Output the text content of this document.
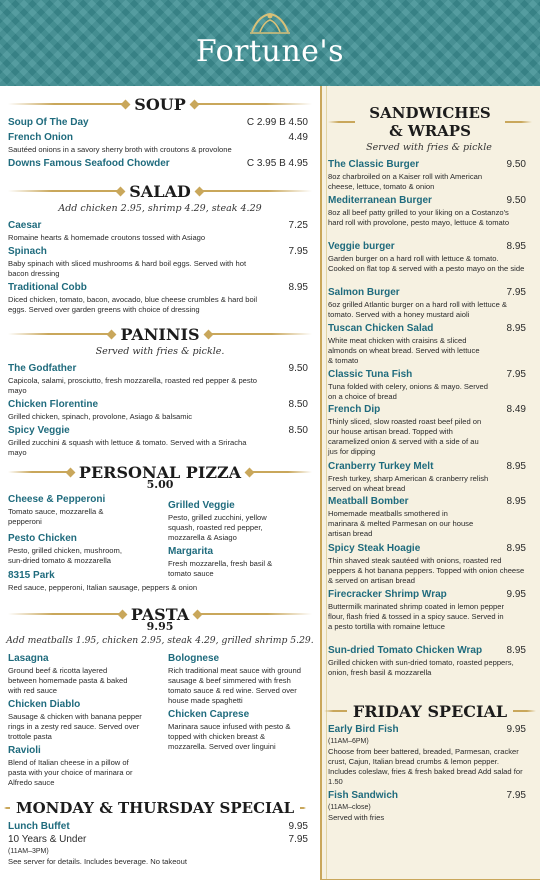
Fortune's
SOUP
Soup Of The Day	C 2.99 B 4.50
French Onion	4.49
Sautéed onions in a savory sherry broth with croutons & provolone
Downs Famous Seafood Chowder	C 3.95 B 4.95
SALAD
Add chicken 2.95, shrimp 4.29, steak 4.29
Caesar	7.25
Romaine hearts & homemade croutons tossed with Asiago
Spinach	7.95
Baby spinach with sliced mushrooms & hard boil eggs. Served with hot bacon dressing
Traditional Cobb	8.95
Diced chicken, tomato, bacon, avocado, blue cheese crumbles & hard boil eggs. Served over garden greens with choice of dressing
PANINIS
Served with fries & pickle.
The Godfather	9.50
Capicola, salami, prosciutto, fresh mozzarella, roasted red pepper & pesto mayo
Chicken Florentine	8.50
Grilled chicken, spinach, provolone, Asiago & balsamic
Spicy Veggie	8.50
Grilled zucchini & squash with lettuce & tomato. Served with a Sriracha mayo
PERSONAL PIZZA
5.00
Cheese & Pepperoni
Tomato sauce, mozzarella & pepperoni
Grilled Veggie
Pesto, grilled zucchini, yellow squash, roasted red pepper, mozzarella & Asiago
Pesto Chicken
Pesto, grilled chicken, mushroom, sun-dried tomato & mozzarella
Margarita
Fresh mozzarella, fresh basil & tomato sauce
8315 Park
Red sauce, pepperoni, Italian sausage, peppers & onion
PASTA
9.95
Add meatballs 1.95, chicken 2.95, steak 4.29, grilled shrimp 5.29.
Lasagna
Ground beef & ricotta layered between homemade pasta & baked with red sauce
Bolognese
Rich traditional meat sauce with ground sausage & beef simmered with fresh tomato sauce & red wine. Served over house made spaghetti
Chicken Diablo
Sausage & chicken with banana pepper rings in a zesty red sauce. Served over trottole pasta
Chicken Caprese
Marinara sauce infused with pesto & topped with chicken breast & mozzarella. Served over linguini
Ravioli
Blend of Italian cheese in a pillow of pasta with your choice of marinara or Alfredo sauce
MONDAY & THURSDAY SPECIAL
Lunch Buffet	9.95
10 Years & Under	7.95
(11AM–3PM)
See server for details. Includes beverage. No takeout
SANDWICHES & WRAPS
Served with fries & pickle
The Classic Burger	9.50
8oz charbroiled on a Kaiser roll with American cheese, lettuce, tomato & onion
Mediterranean Burger	9.50
8oz all beef patty grilled to your liking on a Costanzo's hard roll with provolone, pesto mayo, lettuce & tomato
Veggie burger	8.95
Garden burger on a hard roll with lettuce & tomato. Cooked on flat top & served with a pesto mayo on the side
Salmon Burger	7.95
6oz grilled Atlantic burger on a hard roll with lettuce & tomato. Served with a honey mustard aioli
Tuscan Chicken Salad	8.95
White meat chicken with craisins & sliced almonds on wheat bread. Served with lettuce & tomato
Classic Tuna Fish	7.95
Tuna folded with celery, onions & mayo. Served on a choice of bread
French Dip	8.49
Thinly sliced, slow roasted roast beef piled on our house artisan bread. Topped with caramelized onion & served with a side of au jus for dipping
Cranberry Turkey Melt	8.95
Fresh turkey, sharp American & cranberry relish served on wheat bread
Meatball Bomber	8.95
Homemade meatballs smothered in marinara & melted Parmesan on our house artisan bread
Spicy Steak Hoagie	8.95
Thin shaved steak sautéed with onions, roasted red peppers & hot banana peppers. Topped with onion cheese & served on artisan bread
Firecracker Shrimp Wrap	9.95
Buttermilk marinated shrimp coated in lemon pepper flour, flash fried & tossed in a spicy sauce. Served in a pesto tortilla with romaine lettuce
Sun-dried Tomato Chicken Wrap	8.95
Grilled chicken with sun-dried tomato, roasted peppers, onion, fresh basil & mozzarella
FRIDAY SPECIAL
Early Bird Fish	9.95
(11AM–6PM)
Choose from beer battered, breaded, Parmesan, cracker crust, Cajun, Italian bread crumbs & lemon pepper. Includes coleslaw, fries & fresh baked bread Add salad for 1.50
Fish Sandwich	7.95
(11AM–close)
Served with fries
